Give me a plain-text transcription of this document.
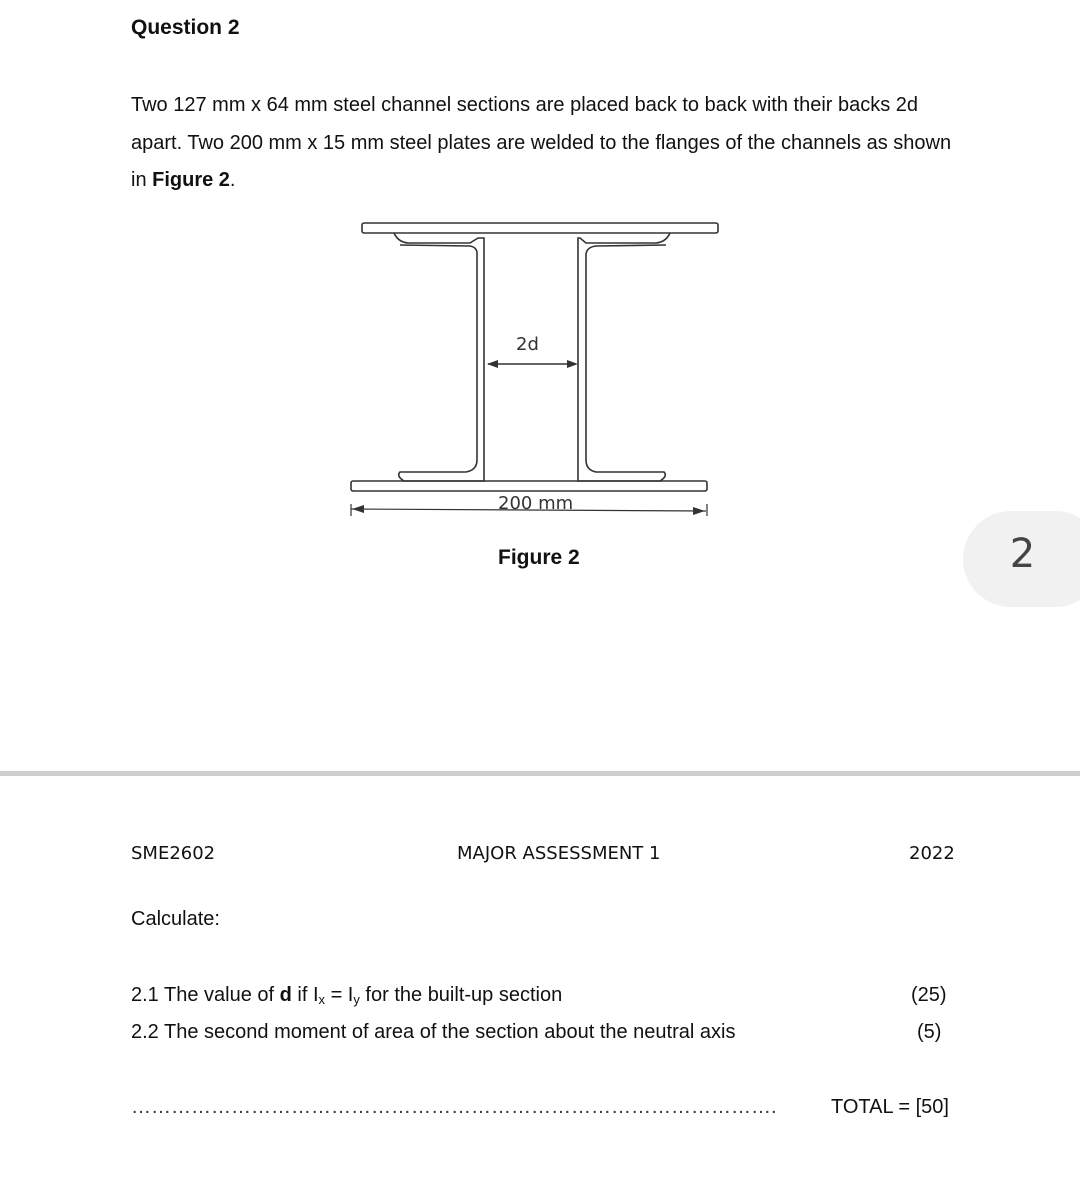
Question 2
Two 127 mm x 64 mm steel channel sections are placed back to back with their backs 2d apart. Two 200 mm x 15 mm steel plates are welded to the flanges of the channels as shown in Figure 2.
2d
200 mm
Figure 2	2
SME2602	MAJOR ASSESSMENT 1	2022
Calculate:
2.1 The value of d if $I_x = I_y$ for the built-up section	(25)
2.2 The second moment of area of the section about the neutral axis	(5)
…………………………………………………………………………………….	TOTAL = [50]
